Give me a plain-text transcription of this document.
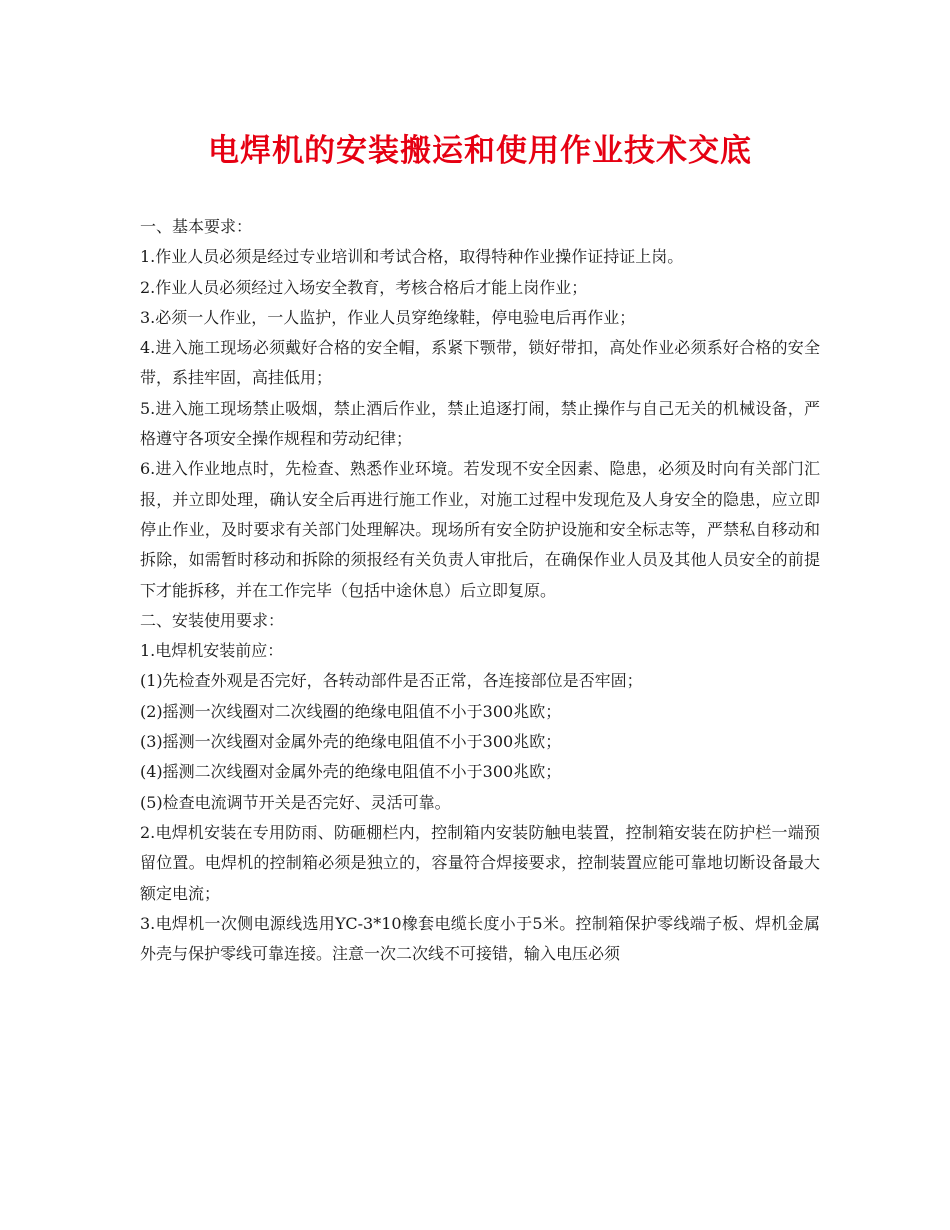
电焊机的安装搬运和使用作业技术交底

一、基本要求：

1.作业人员必须是经过专业培训和考试合格，取得特种作业操作证持证上岗。

2.作业人员必须经过入场安全教育，考核合格后才能上岗作业；

3.必须一人作业，一人监护，作业人员穿绝缘鞋，停电验电后再作业；

4.进入施工现场必须戴好合格的安全帽，系紧下颚带，锁好带扣，高处作业必须系好合格的安全带，系挂牢固，高挂低用；

5.进入施工现场禁止吸烟，禁止酒后作业，禁止追逐打闹，禁止操作与自己无关的机械设备，严格遵守各项安全操作规程和劳动纪律；

6.进入作业地点时，先检查、熟悉作业环境。若发现不安全因素、隐患，必须及时向有关部门汇报，并立即处理，确认安全后再进行施工作业，对施工过程中发现危及人身安全的隐患，应立即停止作业，及时要求有关部门处理解决。现场所有安全防护设施和安全标志等，严禁私自移动和拆除，如需暂时移动和拆除的须报经有关负责人审批后，在确保作业人员及其他人员安全的前提下才能拆移，并在工作完毕（包括中途休息）后立即复原。

二、安装使用要求：

1.电焊机安装前应：

(1)先检查外观是否完好，各转动部件是否正常，各连接部位是否牢固；

(2)摇测一次线圈对二次线圈的绝缘电阻值不小于300兆欧；

(3)摇测一次线圈对金属外壳的绝缘电阻值不小于300兆欧；

(4)摇测二次线圈对金属外壳的绝缘电阻值不小于300兆欧；

(5)检查电流调节开关是否完好、灵活可靠。

2.电焊机安装在专用防雨、防砸棚栏内，控制箱内安装防触电装置，控制箱安装在防护栏一端预留位置。电焊机的控制箱必须是独立的，容量符合焊接要求，控制装置应能可靠地切断设备最大额定电流；

3.电焊机一次侧电源线选用YC-3*10橡套电缆长度小于5米。控制箱保护零线端子板、焊机金属外壳与保护零线可靠连接。注意一次二次线不可接错，输入电压必须
